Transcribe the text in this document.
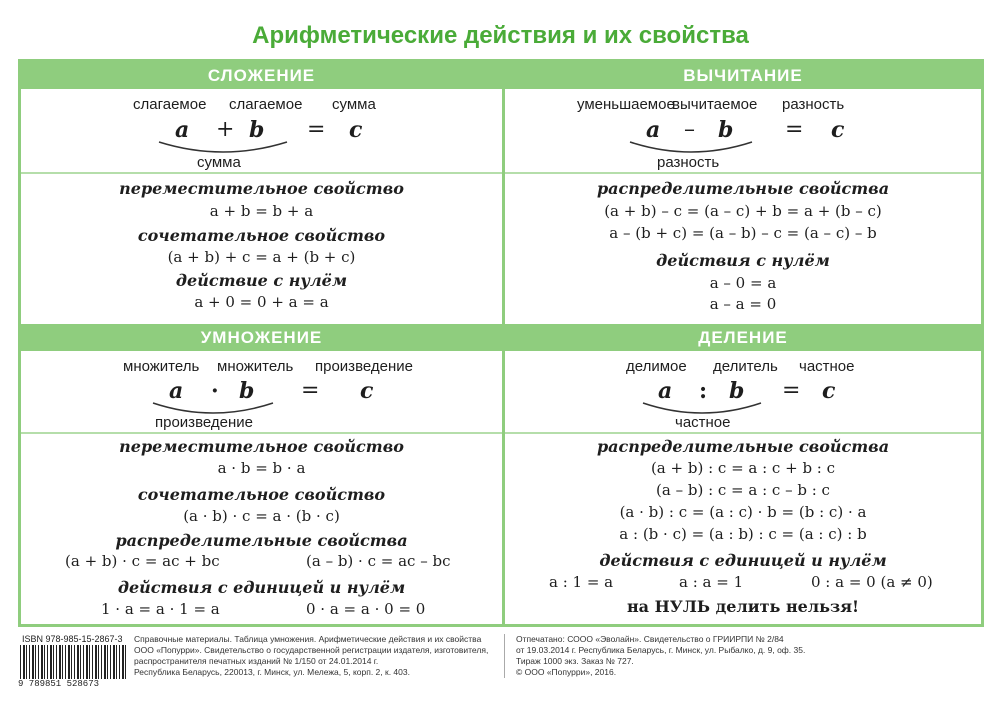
Арифметические действия и их свойства
СЛОЖЕНИЕ	ВЫЧИТАНИЕ
УМНОЖЕНИЕ	ДЕЛЕНИЕ
слагаемое слагаемое сумма
a + b = c
сумма
переместительное свойство
a + b = b + a
сочетательное свойство
(a + b) + c = a + (b + c)
действие с нулём
a + 0 = 0 + a = a
уменьшаемое
вычитаемое разность
a – b = c
разность
распределительные свойства
(a + b) – c = (a – c) + b = a + (b – c)
a – (b + c) = (a – b) – c = (a – c) – b
действия с нулём
a – 0 = a
a – a = 0
множитель множитель произведение
a · b = c
произведение
переместительное свойство
a · b = b · a
сочетательное свойство
(a · b) · c = a · (b · c)
распределительные свойства
(a + b) · c = ac + bc	(a – b) · c = ac – bc
действия с единицей и нулём
1 · a = a · 1 = a	0 · a = a · 0 = 0
делимое делитель частное
a : b = c
частное
распределительные свойства
(a + b) : c = a : c + b : c
(a – b) : c = a : c – b : c
(a · b) : c = (a : c) · b = (b : c) · a
a : (b · c) = (a : b) : c = (a : c) : b
действия с единицей и нулём
a : 1 = a	a : a = 1	0 : a = 0 (a ≠ 0)
на НУЛЬ делить нельзя!
ISBN 978-985-15-2867-3
9 789851 528673
Справочные материалы. Таблица умножения. Арифметические действия и их свойства
ООО «Попурри». Свидетельство о государственной регистрации издателя, изготовителя,
распространителя печатных изданий № 1/150 от 24.01.2014 г.
Республика Беларусь, 220013, г. Минск, ул. Мележа, 5, корп. 2, к. 403.
Отпечатано: СООО «Эволайн». Свидетельство о ГРИИРПИ № 2/84
от 19.03.2014 г. Республика Беларусь, г. Минск, ул. Рыбалко, д. 9, оф. 35.
Тираж 1000 экз. Заказ № 727.
© ООО «Попурри», 2016.
